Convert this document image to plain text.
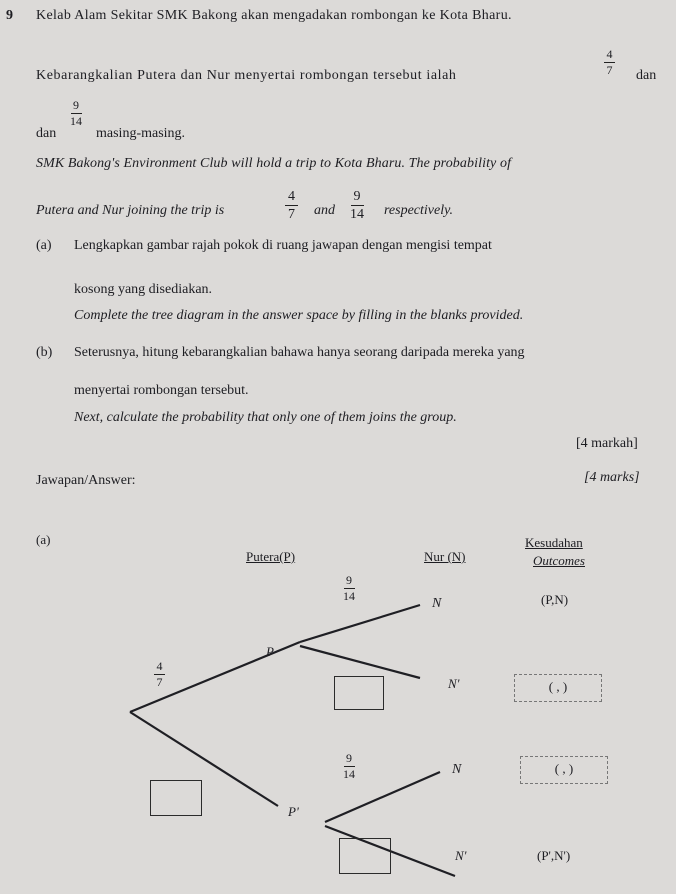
9 Kelab Alam Sekitar SMK Bakong akan mengadakan rombongan ke Kota Bharu.
Kebarangkalian Putera dan Nur menyertai rombongan tersebut ialah
4
7 dan
9
14
dan	masing-masing.
SMK Bakong's Environment Club will hold a trip to Kota Bharu. The probability of
Putera and Nur joining the trip is
4
7 and
9
14 respectively.
(a) Lengkapkan gambar rajah pokok di ruang jawapan dengan mengisi tempat
kosong yang disediakan.
Complete the tree diagram in the answer space by filling in the blanks provided.
(b) Seterusnya, hitung kebarangkalian bahawa hanya seorang daripada mereka yang
menyertai rombongan tersebut.
Next, calculate the probability that only one of them joins the group.
[4 markah]
Jawapan/Answer:	[4 marks]
(a)
Putera(P)	Nur (N)
Kesudahan
Outcomes
9
14	N	(P,N)
P
4
7	N'	( , )
9
14	N	( , )
P'
N'	(P',N')
